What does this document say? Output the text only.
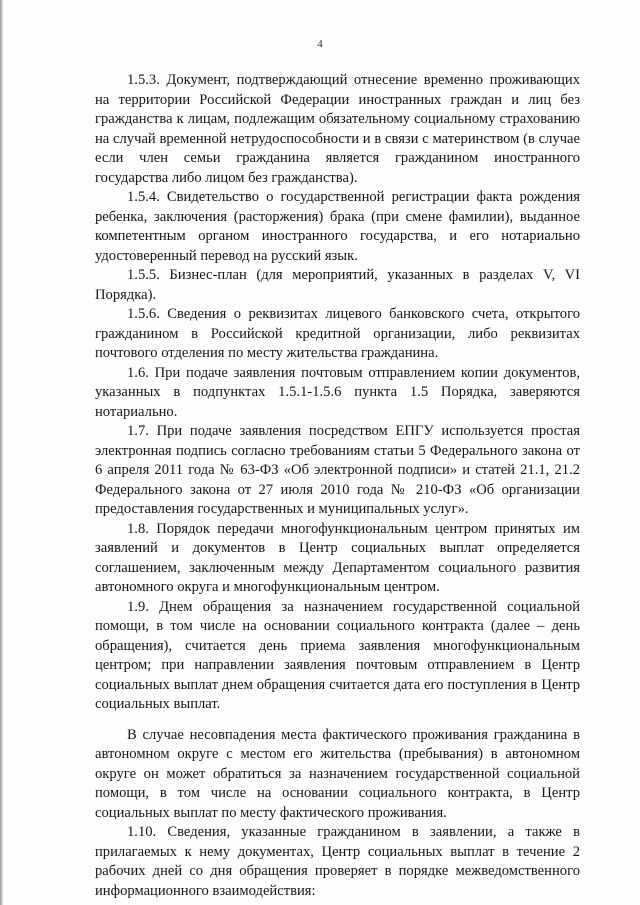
4

1.5.3. Документ, подтверждающий отнесение временно проживающих на территории Российской Федерации иностранных граждан и лиц без гражданства к лицам, подлежащим обязательному социальному страхованию на случай временной нетрудоспособности и в связи с материнством (в случае если член семьи гражданина является гражданином иностранного государства либо лицом без гражданства).

1.5.4. Свидетельство о государственной регистрации факта рождения ребенка, заключения (расторжения) брака (при смене фамилии), выданное компетентным органом иностранного государства, и его нотариально удостоверенный перевод на русский язык.

1.5.5. Бизнес-план (для мероприятий, указанных в разделах V, VI Порядка).

1.5.6. Сведения о реквизитах лицевого банковского счета, открытого гражданином в Российской кредитной организации, либо реквизитах почтового отделения по месту жительства гражданина.

1.6. При подаче заявления почтовым отправлением копии документов, указанных в подпунктах 1.5.1-1.5.6 пункта 1.5 Порядка, заверяются нотариально.

1.7. При подаче заявления посредством ЕПГУ используется простая электронная подпись согласно требованиям статьи 5 Федерального закона от 6 апреля 2011 года № 63-ФЗ «Об электронной подписи» и статей 21.1, 21.2 Федерального закона от 27 июля 2010 года № 210-ФЗ «Об организации предоставления государственных и муниципальных услуг».

1.8. Порядок передачи многофункциональным центром принятых им заявлений и документов в Центр социальных выплат определяется соглашением, заключенным между Департаментом социального развития автономного округа и многофункциональным центром.

1.9. Днем обращения за назначением государственной социальной помощи, в том числе на основании социального контракта (далее – день обращения), считается день приема заявления многофункциональным центром; при направлении заявления почтовым отправлением в Центр социальных выплат днем обращения считается дата его поступления в Центр социальных выплат.

В случае несовпадения места фактического проживания гражданина в автономном округе с местом его жительства (пребывания) в автономном округе он может обратиться за назначением государственной социальной помощи, в том числе на основании социального контракта, в Центр социальных выплат по месту фактического проживания.

1.10. Сведения, указанные гражданином в заявлении, а также в прилагаемых к нему документах, Центр социальных выплат в течение 2 рабочих дней со дня обращения проверяет в порядке межведомственного информационного взаимодействия:
